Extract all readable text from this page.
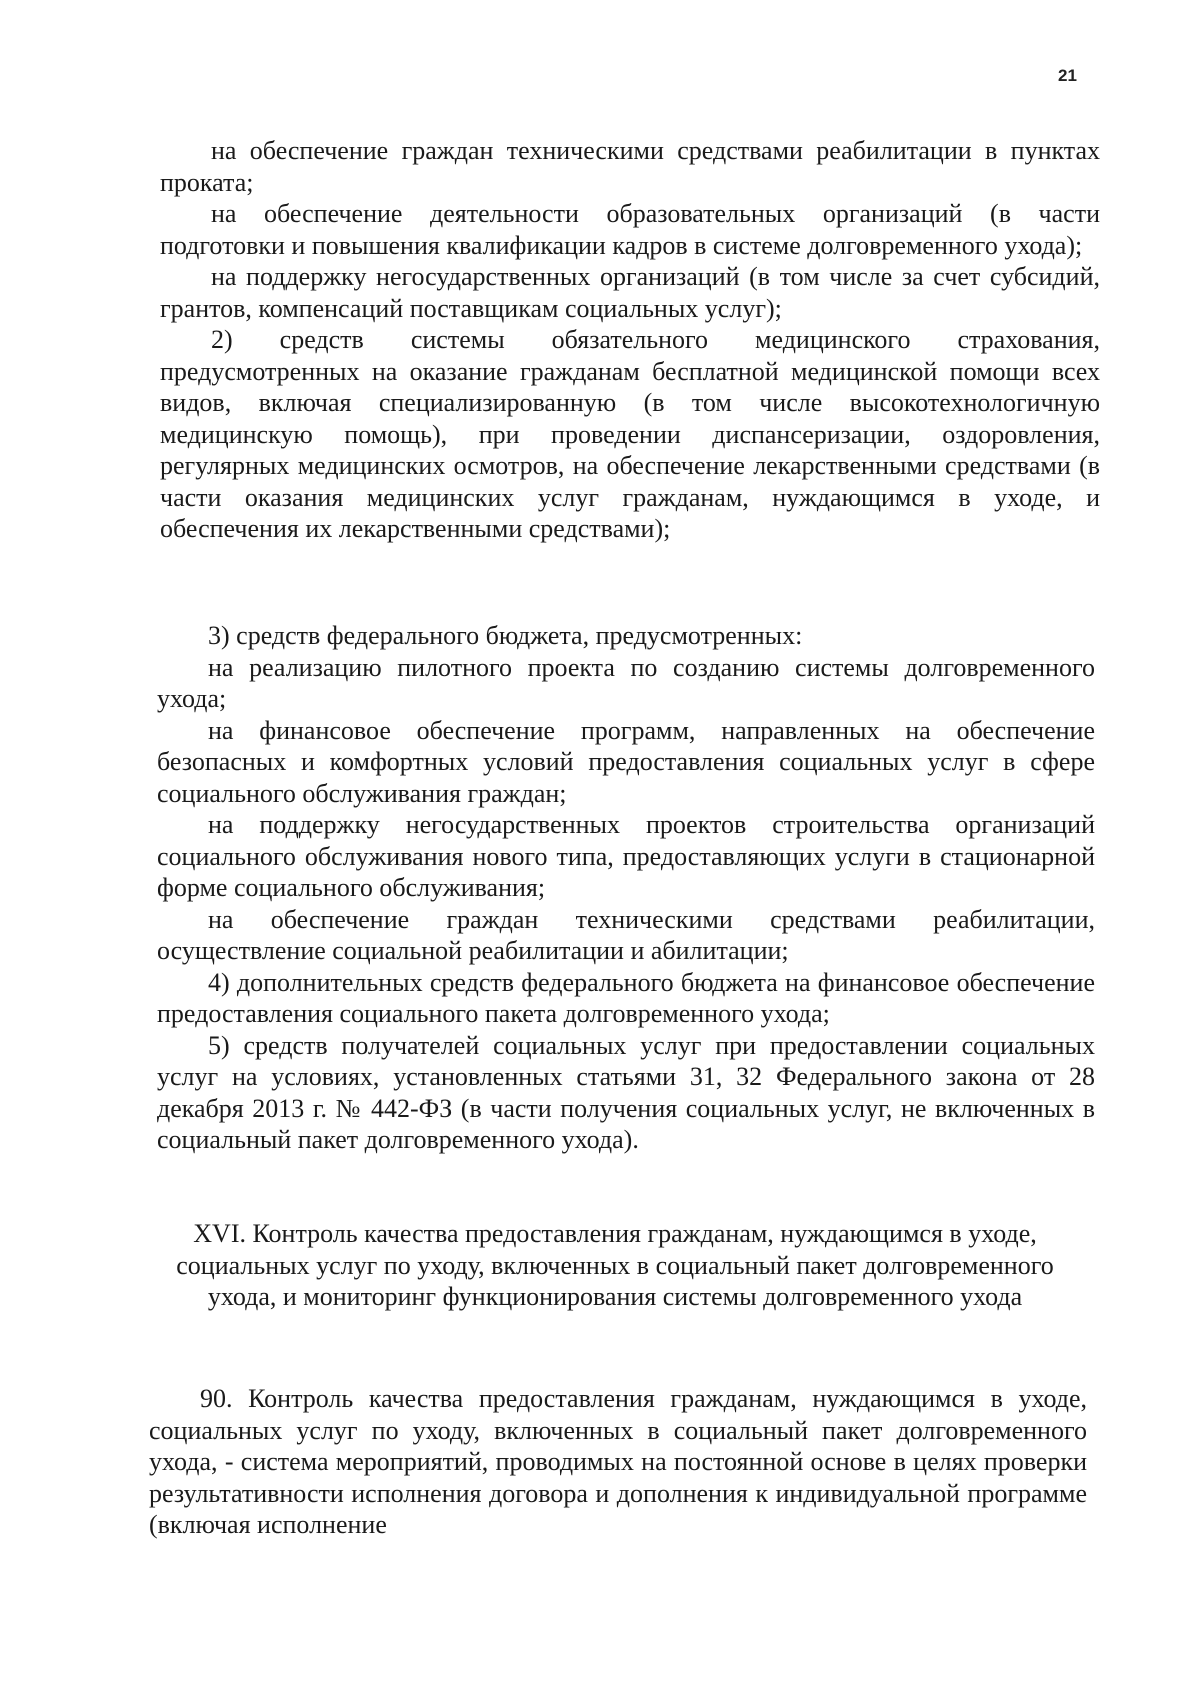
21

на обеспечение граждан техническими средствами реабилитации в пунктах проката;

на обеспечение деятельности образовательных организаций (в части подготовки и повышения квалификации кадров в системе долговременного ухода);

на поддержку негосударственных организаций (в том числе за счет субсидий, грантов, компенсаций поставщикам социальных услуг);

2) средств системы обязательного медицинского страхования, предусмотренных на оказание гражданам бесплатной медицинской помощи всех видов, включая специализированную (в том числе высокотехнологичную медицинскую помощь), при проведении диспансеризации, оздоровления, регулярных медицинских осмотров, на обеспечение лекарственными средствами (в части оказания медицинских услуг гражданам, нуждающимся в уходе, и обеспечения их лекарственными средствами);

3) средств федерального бюджета, предусмотренных:

на реализацию пилотного проекта по созданию системы долговременного ухода;

на финансовое обеспечение программ, направленных на обеспечение безопасных и комфортных условий предоставления социальных услуг в сфере социального обслуживания граждан;

на поддержку негосударственных проектов строительства организаций социального обслуживания нового типа, предоставляющих услуги в стационарной форме социального обслуживания;

на обеспечение граждан техническими средствами реабилитации, осуществление социальной реабилитации и абилитации;

4) дополнительных средств федерального бюджета на финансовое обеспечение предоставления социального пакета долговременного ухода;

5) средств получателей социальных услуг при предоставлении социальных услуг на условиях, установленных статьями 31, 32 Федерального закона от 28 декабря 2013 г. № 442-ФЗ (в части получения социальных услуг, не включенных в социальный пакет долговременного ухода).

XVI. Контроль качества предоставления гражданам, нуждающимся в уходе, социальных услуг по уходу, включенных в социальный пакет долговременного ухода, и мониторинг функционирования системы долговременного ухода

90. Контроль качества предоставления гражданам, нуждающимся в уходе, социальных услуг по уходу, включенных в социальный пакет долговременного ухода, - система мероприятий, проводимых на постоянной основе в целях проверки результативности исполнения договора и дополнения к индивидуальной программе (включая исполнение
